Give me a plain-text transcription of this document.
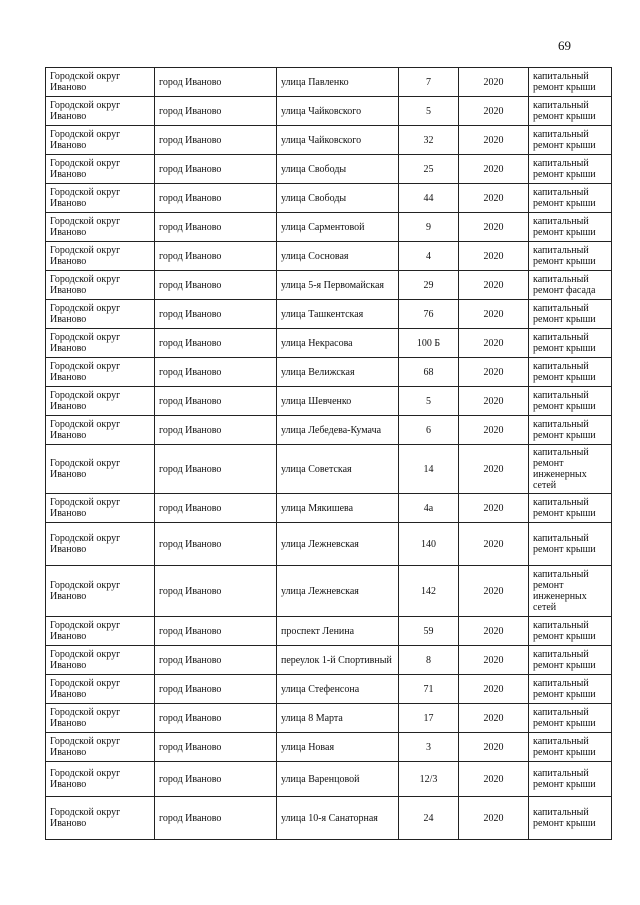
69
Городской округ Иваново	город Иваново	улица Павленко	7	2020	капитальный ремонт крыши
Городской округ Иваново	город Иваново	улица Чайковского	5	2020	капитальный ремонт крыши
Городской округ Иваново	город Иваново	улица Чайковского	32	2020	капитальный ремонт крыши
Городской округ Иваново	город Иваново	улица Свободы	25	2020	капитальный ремонт крыши
Городской округ Иваново	город Иваново	улица Свободы	44	2020	капитальный ремонт крыши
Городской округ Иваново	город Иваново	улица Сарментовой	9	2020	капитальный ремонт крыши
Городской округ Иваново	город Иваново	улица Сосновая	4	2020	капитальный ремонт крыши
Городской округ Иваново	город Иваново	улица 5-я Первомайская	29	2020	капитальный ремонт фасада
Городской округ Иваново	город Иваново	улица Ташкентская	76	2020	капитальный ремонт крыши
Городской округ Иваново	город Иваново	улица Некрасова	100 Б	2020	капитальный ремонт крыши
Городской округ Иваново	город Иваново	улица Велижская	68	2020	капитальный ремонт крыши
Городской округ Иваново	город Иваново	улица Шевченко	5	2020	капитальный ремонт крыши
Городской округ Иваново	город Иваново	улица Лебедева-Кумача	6	2020	капитальный ремонт крыши
Городской округ Иваново	город Иваново	улица Советская	14	2020	капитальный ремонт инженерных сетей
Городской округ Иваново	город Иваново	улица Мякишева	4а	2020	капитальный ремонт крыши
Городской округ Иваново	город Иваново	улица Лежневская	140	2020	капитальный ремонт крыши
Городской округ Иваново	город Иваново	улица Лежневская	142	2020	капитальный ремонт инженерных сетей
Городской округ Иваново	город Иваново	проспект Ленина	59	2020	капитальный ремонт крыши
Городской округ Иваново	город Иваново	переулок 1-й Спортивный	8	2020	капитальный ремонт крыши
Городской округ Иваново	город Иваново	улица Стефенсона	71	2020	капитальный ремонт крыши
Городской округ Иваново	город Иваново	улица 8 Марта	17	2020	капитальный ремонт крыши
Городской округ Иваново	город Иваново	улица Новая	3	2020	капитальный ремонт крыши
Городской округ Иваново	город Иваново	улица Варенцовой	12/3	2020	капитальный ремонт крыши
Городской округ Иваново	город Иваново	улица 10-я Санаторная	24	2020	капитальный ремонт крыши
